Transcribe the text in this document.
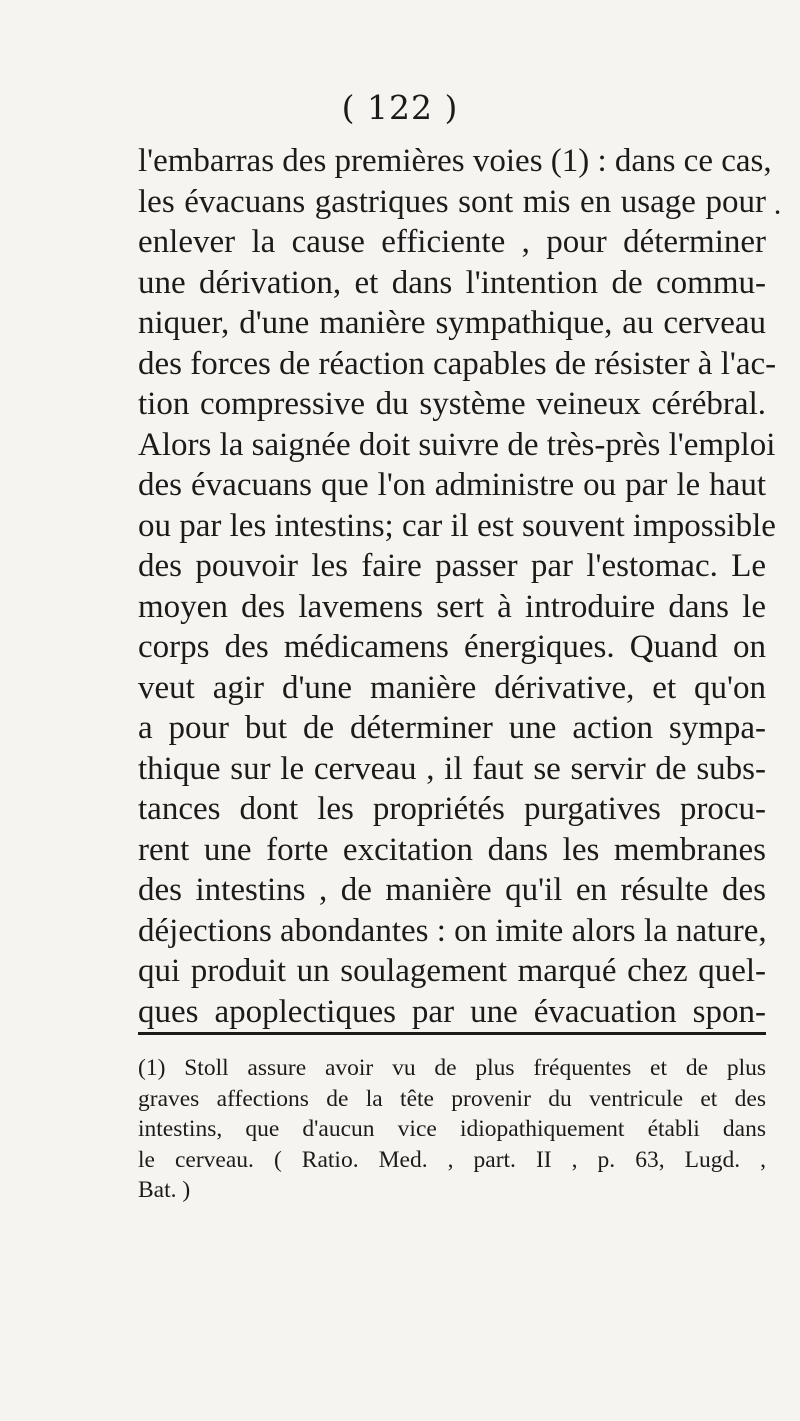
( 122 )
•
l'embarras des premières voies (1) : dans ce cas,
les évacuans gastriques sont mis en usage pour
enlever la cause efficiente , pour déterminer
une dérivation, et dans l'intention de commu-
niquer, d'une manière sympathique, au cerveau
des forces de réaction capables de résister à l'ac-
tion compressive du système veineux cérébral.
Alors la saignée doit suivre de très-près l'emploi
des évacuans que l'on administre ou par le haut
ou par les intestins; car il est souvent impossible
des pouvoir les faire passer par l'estomac. Le
moyen des lavemens sert à introduire dans le
corps des médicamens énergiques. Quand on
veut agir d'une manière dérivative, et qu'on
a pour but de déterminer une action sympa-
thique sur le cerveau , il faut se servir de subs-
tances dont les propriétés purgatives procu-
rent une forte excitation dans les membranes
des intestins , de manière qu'il en résulte des
déjections abondantes : on imite alors la nature,
qui produit un soulagement marqué chez quel-
ques apoplectiques par une évacuation spon-
(1) Stoll assure avoir vu de plus fréquentes et de plus
graves affections de la tête provenir du ventricule et des
intestins, que d'aucun vice idiopathiquement établi dans
le cerveau. ( Ratio. Med. , part. II , p. 63, Lugd. ,
Bat. )
